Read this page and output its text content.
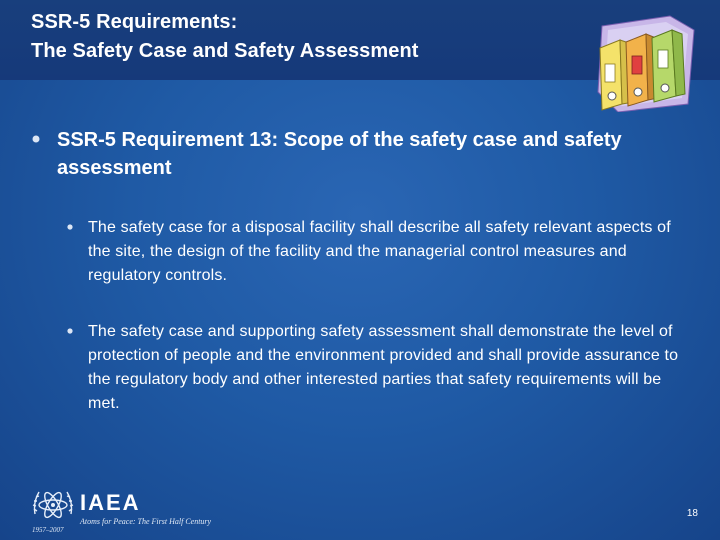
SSR-5 Requirements:
The Safety Case and Safety Assessment
SSR-5 Requirement 13: Scope of the safety case and safety assessment
The safety case for a disposal facility shall describe all safety relevant aspects of the site, the design of the facility and the managerial control measures and regulatory controls.
The safety case and supporting safety assessment shall demonstrate the level of protection of people and the environment provided and shall provide assurance to the regulatory body and other interested parties that safety requirements will be met.
IAEA
Atoms for Peace: The First Half Century
1957–2007
18
